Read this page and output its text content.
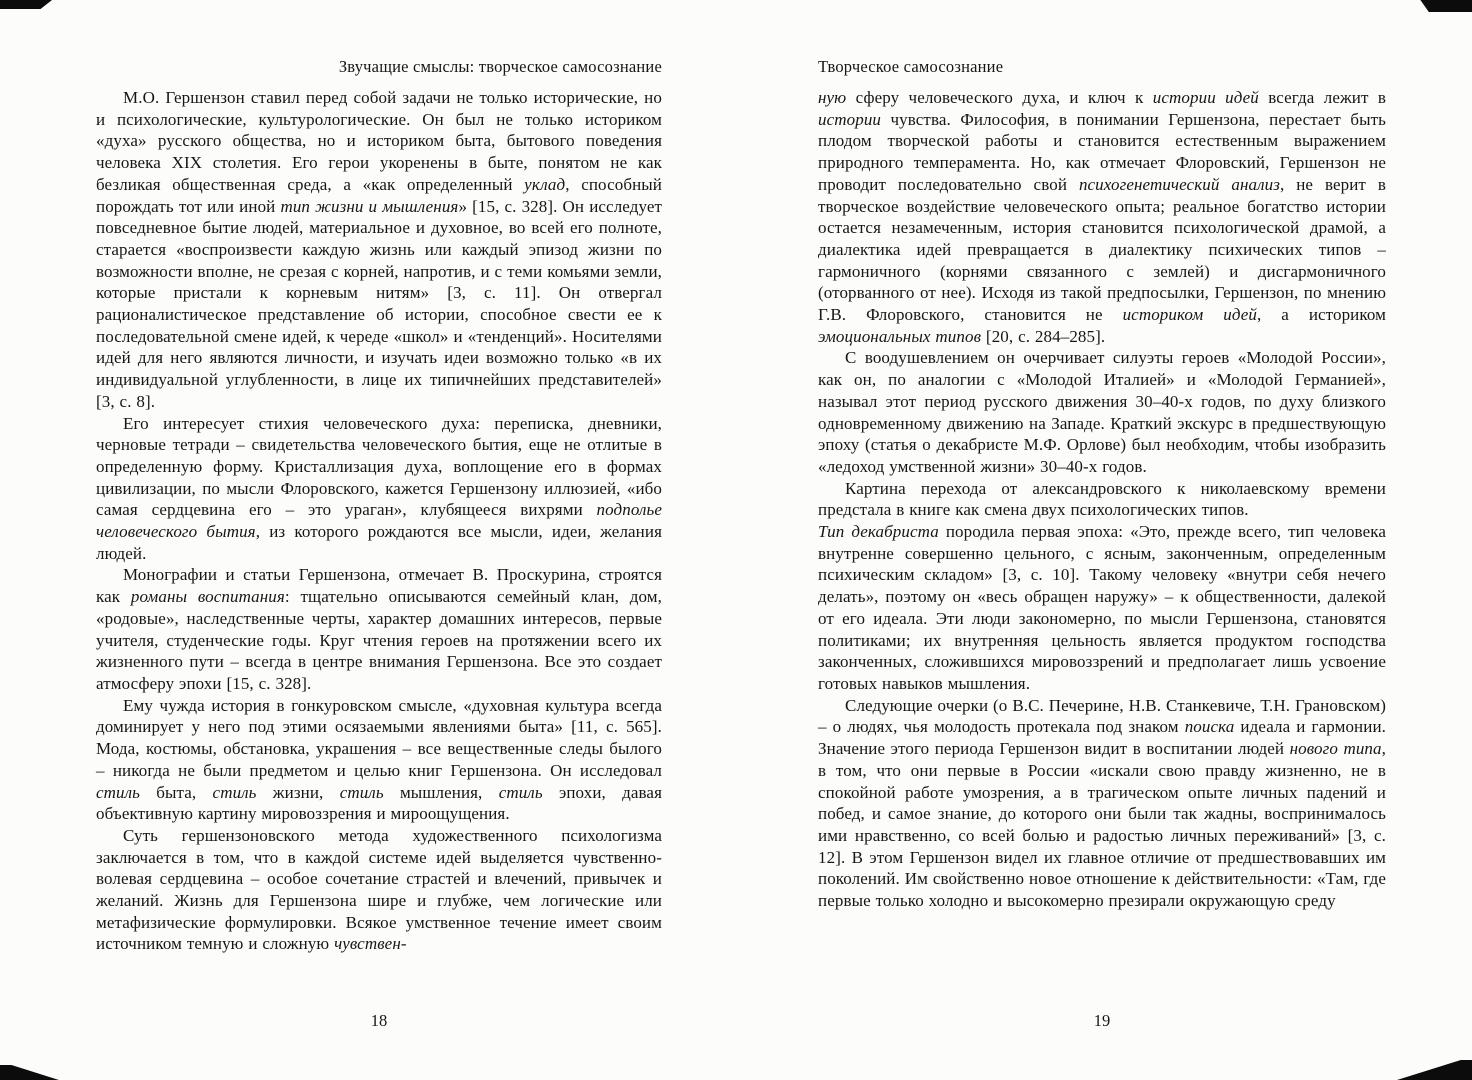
Звучащие смыслы: творческое самосознание

М.О. Гершензон ставил перед собой задачи не только исторические, но и психологические, культурологические. Он был не только историком «духа» русского общества, но и историком быта, бытового поведения человека XIX столетия. Его герои укоренены в быте, понятом не как безликая общественная среда, а «как определенный уклад, способный порождать тот или иной тип жизни и мышления» [15, с. 328]. Он исследует повседневное бытие людей, материальное и духовное, во всей его полноте, старается «воспроизвести каждую жизнь или каждый эпизод жизни по возможности вполне, не срезая с корней, напротив, и с теми комьями земли, которые пристали к корневым нитям» [3, с. 11]. Он отвергал рационалистическое представление об истории, способное свести ее к последовательной смене идей, к череде «школ» и «тенденций». Носителями идей для него являются личности, и изучать идеи возможно только «в их индивидуальной углубленности, в лице их типичнейших представителей» [3, с. 8].

Его интересует стихия человеческого духа: переписка, дневники, черновые тетради – свидетельства человеческого бытия, еще не отлитые в определенную форму. Кристаллизация духа, воплощение его в формах цивилизации, по мысли Флоровского, кажется Гершензону иллюзией, «ибо самая сердцевина его – это ураган», клубящееся вихрями подполье человеческого бытия, из которого рождаются все мысли, идеи, желания людей.

Монографии и статьи Гершензона, отмечает В. Проскурина, строятся как романы воспитания: тщательно описываются семейный клан, дом, «родовые», наследственные черты, характер домашних интересов, первые учителя, студенческие годы. Круг чтения героев на протяжении всего их жизненного пути – всегда в центре внимания Гершензона. Все это создает атмосферу эпохи [15, с. 328].

Ему чужда история в гонкуровском смысле, «духовная культура всегда доминирует у него под этими осязаемыми явлениями быта» [11, с. 565]. Мода, костюмы, обстановка, украшения – все вещественные следы былого – никогда не были предметом и целью книг Гершензона. Он исследовал стиль быта, стиль жизни, стиль мышления, стиль эпохи, давая объективную картину мировоззрения и мироощущения.

Суть гершензоновского метода художественного психологизма заключается в том, что в каждой системе идей выделяется чувственно-волевая сердцевина – особое сочетание страстей и влечений, привычек и желаний. Жизнь для Гершензона шире и глубже, чем логические или метафизические формулировки. Всякое умственное течение имеет своим источником темную и сложную чувствен-

18
Творческое самосознание

ную сферу человеческого духа, и ключ к истории идей всегда лежит в истории чувства. Философия, в понимании Гершензона, перестает быть плодом творческой работы и становится естественным выражением природного темперамента. Но, как отмечает Флоровский, Гершензон не проводит последовательно свой психогенетический анализ, не верит в творческое воздействие человеческого опыта; реальное богатство истории остается незамеченным, история становится психологической драмой, а диалектика идей превращается в диалектику психических типов – гармоничного (корнями связанного с землей) и дисгармоничного (оторванного от нее). Исходя из такой предпосылки, Гершензон, по мнению Г.В. Флоровского, становится не историком идей, а историком эмоциональных типов [20, с. 284–285].

С воодушевлением он очерчивает силуэты героев «Молодой России», как он, по аналогии с «Молодой Италией» и «Молодой Германией», называл этот период русского движения 30–40-х годов, по духу близкого одновременному движению на Западе. Краткий экскурс в предшествующую эпоху (статья о декабристе М.Ф. Орлове) был необходим, чтобы изобразить «ледоход умственной жизни» 30–40-х годов.

Картина перехода от александровского к николаевскому времени предстала в книге как смена двух психологических типов.

Тип декабриста породила первая эпоха: «Это, прежде всего, тип человека внутренне совершенно цельного, с ясным, законченным, определенным психическим складом» [3, с. 10]. Такому человеку «внутри себя нечего делать», поэтому он «весь обращен наружу» – к общественности, далекой от его идеала. Эти люди закономерно, по мысли Гершензона, становятся политиками; их внутренняя цельность является продуктом господства законченных, сложившихся мировоззрений и предполагает лишь усвоение готовых навыков мышления.

Следующие очерки (о В.С. Печерине, Н.В. Станкевиче, Т.Н. Грановском) – о людях, чья молодость протекала под знаком поиска идеала и гармонии. Значение этого периода Гершензон видит в воспитании людей нового типа, в том, что они первые в России «искали свою правду жизненно, не в спокойной работе умозрения, а в трагическом опыте личных падений и побед, и самое знание, до которого они были так жадны, воспринималось ими нравственно, со всей болью и радостью личных переживаний» [3, с. 12]. В этом Гершензон видел их главное отличие от предшествовавших им поколений. Им свойственно новое отношение к действительности: «Там, где первые только холодно и высокомерно презирали окружающую среду

19
